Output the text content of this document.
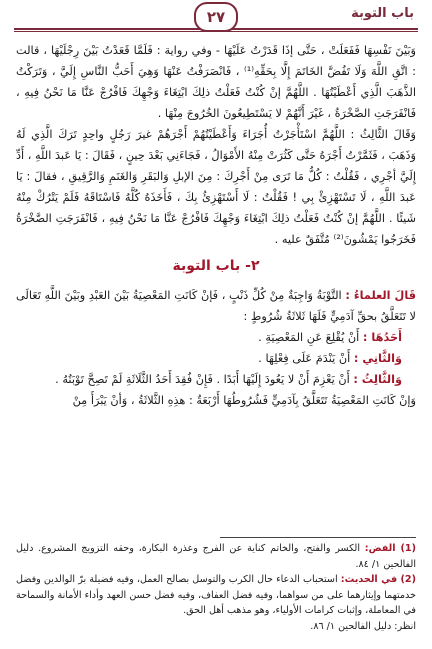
باب التوبة
٢٧

وَبَيْنَ نَفْسِهَا فَفَعَلَتْ ، حَتَّى إذَا قَدَرْتُ عَلَيْهَا - وفي رواية : فَلَمَّا قَعَدْتُ بَيْنَ رِجْلَيْهَا ، قالت : اتَّقِ اللَّهَ وَلَا تَفُضَّ الخَاتَمَ إِلَّا بِحَقِّهِ⁽¹⁾ ، فَانْصَرَفْتُ عَنْهَا وَهِيَ أَحَبُّ النَّاسِ إِلَيَّ ، وَتَرَكْتُ الذَّهَبَ الَّذِي أَعْطَيْتُهَا . اللَّهُمَّ إنْ كُنْتُ فَعَلْتُ ذلِكَ ابْتِغَاءَ وَجْهِكَ فَافْرُجْ عَنَّا مَا نَحْنُ فِيهِ ، فَانْفَرَجَتِ الصَّخْرَةُ ، غَيْرَ أَنَّهُمْ لا يَسْتَطِيعُونَ الخُرُوجَ مِنْهَا .

وَقَالَ الثَّالِثُ : اللَّهُمَّ اسْتَأْجَرْتُ أُجَرَاءَ وَأَعْطَيْتُهُمْ أَجْرَهُمْ غيرَ رَجُلٍ واحِدٍ تَرَكَ الَّذِي لَهُ وَذَهَبَ ، فَثَمَّرْتُ أَجْرَهُ حَتَّى كَثُرَتْ مِنْهُ الأَمْوَالُ ، فَجَاءَنِي بَعْدَ حِينٍ ، فَقَالَ : يَا عَبدَ اللَّهِ ، أَدِّ إِلَيَّ أجْرِي ، فَقُلْتُ : كُلُّ مَا تَرَى مِنْ أَجْرِكَ : مِنَ الإبلِ وَالبَقَرِ وَالغَنَمِ وَالرَّقِيقِ ، فقالَ : يَا عَبدَ اللَّهِ ، لَا تَسْتَهْزِئْ بِي ! فَقُلْتُ : لَا أَسْتَهْزِئُ بِكَ ، فَأَخَذَهُ كُلَّهُ فَاسْتَاقَهُ فَلَمْ يَتْرُكْ مِنْهُ شَيئًا . اللَّهُمَّ إنْ كُنْتُ فَعَلْتُ ذلِكَ ابْتِغَاءَ وَجْهِكَ فَافْرُجْ عَنَّا مَا نَحْنُ فِيهِ ، فَانْفَرَجَتِ الصَّخْرَةُ فَخَرَجُوا يَمْشُونَ⁽²⁾ مُتَّفَقٌ عليه .

٢- باب التوبة

قَالَ العلماءُ : التَّوْبَةُ وَاجِبَةٌ مِنْ كُلِّ ذَنْبٍ ، فَإنْ كَانَتِ المَعْصِيَةُ بَيْنَ العَبْدِ وبَيْنَ اللَّهِ تَعَالَى لا تَتَعَلَّقُ بحقِّ آدَمِيٍّ فَلَهَا ثَلاثَةُ شُرُوطٍ :

أَحَدُهَا : أَنْ يُقْلِعَ عَنِ المَعْصِيَةِ .

وَالثَّانِي : أَنْ يَنْدَمَ عَلَى فِعْلِهَا .

وَالثَّالِثُ : أَنْ يَعْزِمَ أَنْ لا يَعُودَ إِلَيْهَا أَبَدًا . فَإِنْ فُقِدَ أَحَدُ الثَّلَاثَةِ لَمْ تَصِحَّ تَوْبَتُهُ .

وَإنْ كَانَتِ المَعْصِيَةُ تَتَعَلَّقُ بِآدَمِيٍّ فَشُرُوطُهَا أَرْبَعَةٌ : هذِهِ الثَّلاثَةُ ، وَأنْ يَبْرَأَ مِنْ

(1) الفض: الكسر والفتح، والخاتم كناية عن الفرج وعذرة البكارة، وحقه التزويج المشروع. دليل الفالحين ١/ ٨٤.

(2) في الحديث: استحباب الدعاء حال الكرب والتوسل بصالح العمل، وفيه فضيلة برّ الوالدين وفضل خدمتهما وإيثارهما على من سواهما، وفيه فضل العفاف، وفيه فضل حسن العهد وأداء الأمانة والسماحة في المعاملة، وإثبات كرامات الأولياء، وهو مذهب أهل الحق.

انظر: دليل الفالحين ١/ ٨٦.
